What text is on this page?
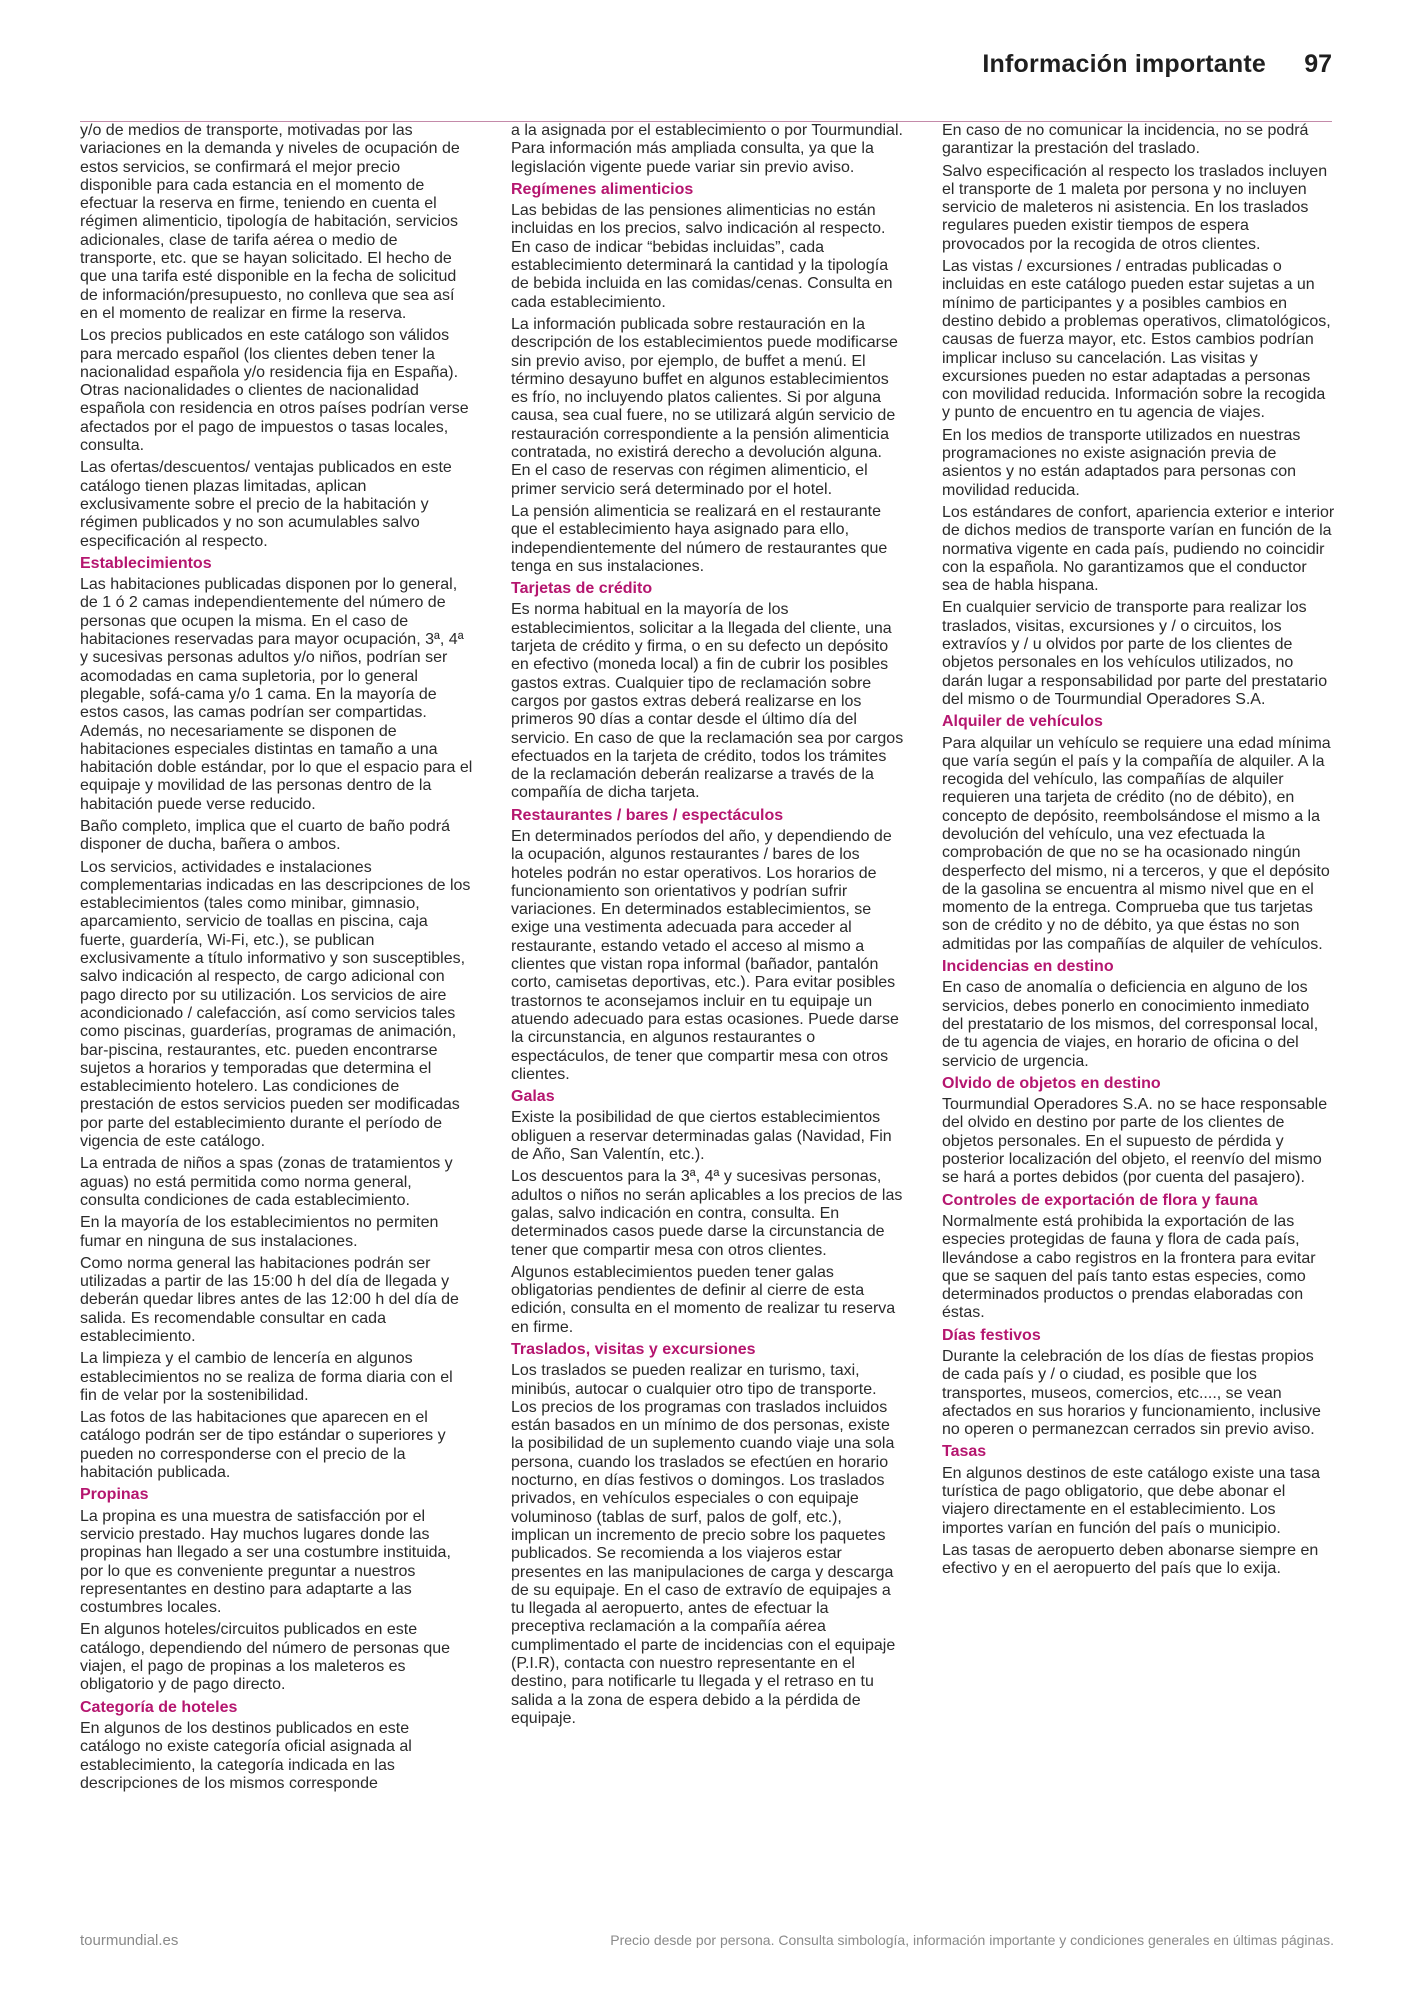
Información importante 97

y/o de medios de transporte, motivadas por las variaciones en la demanda y niveles de ocupación de estos servicios, se confirmará el mejor precio disponible para cada estancia en el momento de efectuar la reserva en firme, teniendo en cuenta el régimen alimenticio, tipología de habitación, servicios adicionales, clase de tarifa aérea o medio de transporte, etc. que se hayan solicitado. El hecho de que una tarifa esté disponible en la fecha de solicitud de información/presupuesto, no conlleva que sea así en el momento de realizar en firme la reserva.

Los precios publicados en este catálogo son válidos para mercado español (los clientes deben tener la nacionalidad española y/o residencia fija en España). Otras nacionalidades o clientes de nacionalidad española con residencia en otros países podrían verse afectados por el pago de impuestos o tasas locales, consulta.

Las ofertas/descuentos/ ventajas publicados en este catálogo tienen plazas limitadas, aplican exclusivamente sobre el precio de la habitación y régimen publicados y no son acumulables salvo especificación al respecto.

Establecimientos

Las habitaciones publicadas disponen por lo general, de 1 ó 2 camas independientemente del número de personas que ocupen la misma. En el caso de habitaciones reservadas para mayor ocupación, 3ª, 4ª y sucesivas personas adultos y/o niños, podrían ser acomodadas en cama supletoria, por lo general plegable, sofá-cama y/o 1 cama. En la mayoría de estos casos, las camas podrían ser compartidas. Además, no necesariamente se disponen de habitaciones especiales distintas en tamaño a una habitación doble estándar, por lo que el espacio para el equipaje y movilidad de las personas dentro de la habitación puede verse reducido.

Baño completo, implica que el cuarto de baño podrá disponer de ducha, bañera o ambos.

Los servicios, actividades e instalaciones complementarias indicadas en las descripciones de los establecimientos (tales como minibar, gimnasio, aparcamiento, servicio de toallas en piscina, caja fuerte, guardería, Wi-Fi, etc.), se publican exclusivamente a título informativo y son susceptibles, salvo indicación al respecto, de cargo adicional con pago directo por su utilización. Los servicios de aire acondicionado / calefacción, así como servicios tales como piscinas, guarderías, programas de animación, bar-piscina, restaurantes, etc. pueden encontrarse sujetos a horarios y temporadas que determina el establecimiento hotelero. Las condiciones de prestación de estos servicios pueden ser modificadas por parte del establecimiento durante el período de vigencia de este catálogo.

La entrada de niños a spas (zonas de tratamientos y aguas) no está permitida como norma general, consulta condiciones de cada establecimiento.

En la mayoría de los establecimientos no permiten fumar en ninguna de sus instalaciones.

Como norma general las habitaciones podrán ser utilizadas a partir de las 15:00 h del día de llegada y deberán quedar libres antes de las 12:00 h del día de salida. Es recomendable consultar en cada establecimiento.

La limpieza y el cambio de lencería en algunos establecimientos no se realiza de forma diaria con el fin de velar por la sostenibilidad.

Las fotos de las habitaciones que aparecen en el catálogo podrán ser de tipo estándar o superiores y pueden no corresponderse con el precio de la habitación publicada.

Propinas

La propina es una muestra de satisfacción por el servicio prestado. Hay muchos lugares donde las propinas han llegado a ser una costumbre instituida, por lo que es conveniente preguntar a nuestros representantes en destino para adaptarte a las costumbres locales.

En algunos hoteles/circuitos publicados en este catálogo, dependiendo del número de personas que viajen, el pago de propinas a los maleteros es obligatorio y de pago directo.

Categoría de hoteles

En algunos de los destinos publicados en este catálogo no existe categoría oficial asignada al establecimiento, la categoría indicada en las descripciones de los mismos corresponde

a la asignada por el establecimiento o por Tourmundial. Para información más ampliada consulta, ya que la legislación vigente puede variar sin previo aviso.

Regímenes alimenticios

Las bebidas de las pensiones alimenticias no están incluidas en los precios, salvo indicación al respecto. En caso de indicar “bebidas incluidas”, cada establecimiento determinará la cantidad y la tipología de bebida incluida en las comidas/cenas. Consulta en cada establecimiento.

La información publicada sobre restauración en la descripción de los establecimientos puede modificarse sin previo aviso, por ejemplo, de buffet a menú. El término desayuno buffet en algunos establecimientos es frío, no incluyendo platos calientes. Si por alguna causa, sea cual fuere, no se utilizará algún servicio de restauración correspondiente a la pensión alimenticia contratada, no existirá derecho a devolución alguna. En el caso de reservas con régimen alimenticio, el primer servicio será determinado por el hotel.

La pensión alimenticia se realizará en el restaurante que el establecimiento haya asignado para ello, independientemente del número de restaurantes que tenga en sus instalaciones.

Tarjetas de crédito

Es norma habitual en la mayoría de los establecimientos, solicitar a la llegada del cliente, una tarjeta de crédito y firma, o en su defecto un depósito en efectivo (moneda local) a fin de cubrir los posibles gastos extras. Cualquier tipo de reclamación sobre cargos por gastos extras deberá realizarse en los primeros 90 días a contar desde el último día del servicio. En caso de que la reclamación sea por cargos efectuados en la tarjeta de crédito, todos los trámites de la reclamación deberán realizarse a través de la compañía de dicha tarjeta.

Restaurantes / bares / espectáculos

En determinados períodos del año, y dependiendo de la ocupación, algunos restaurantes / bares de los hoteles podrán no estar operativos. Los horarios de funcionamiento son orientativos y podrían sufrir variaciones. En determinados establecimientos, se exige una vestimenta adecuada para acceder al restaurante, estando vetado el acceso al mismo a clientes que vistan ropa informal (bañador, pantalón corto, camisetas deportivas, etc.). Para evitar posibles trastornos te aconsejamos incluir en tu equipaje un atuendo adecuado para estas ocasiones. Puede darse la circunstancia, en algunos restaurantes o espectáculos, de tener que compartir mesa con otros clientes.

Galas

Existe la posibilidad de que ciertos establecimientos obliguen a reservar determinadas galas (Navidad, Fin de Año, San Valentín, etc.).

Los descuentos para la 3ª, 4ª y sucesivas personas, adultos o niños no serán aplicables a los precios de las galas, salvo indicación en contra, consulta. En determinados casos puede darse la circunstancia de tener que compartir mesa con otros clientes.

Algunos establecimientos pueden tener galas obligatorias pendientes de definir al cierre de esta edición, consulta en el momento de realizar tu reserva en firme.

Traslados, visitas y excursiones

Los traslados se pueden realizar en turismo, taxi, minibús, autocar o cualquier otro tipo de transporte. Los precios de los programas con traslados incluidos están basados en un mínimo de dos personas, existe la posibilidad de un suplemento cuando viaje una sola persona, cuando los traslados se efectúen en horario nocturno, en días festivos o domingos. Los traslados privados, en vehículos especiales o con equipaje voluminoso (tablas de surf, palos de golf, etc.), implican un incremento de precio sobre los paquetes publicados. Se recomienda a los viajeros estar presentes en las manipulaciones de carga y descarga de su equipaje. En el caso de extravío de equipajes a tu llegada al aeropuerto, antes de efectuar la preceptiva reclamación a la compañía aérea cumplimentado el parte de incidencias con el equipaje (P.I.R), contacta con nuestro representante en el destino, para notificarle tu llegada y el retraso en tu salida a la zona de espera debido a la pérdida de equipaje.

En caso de no comunicar la incidencia, no se podrá garantizar la prestación del traslado.

Salvo especificación al respecto los traslados incluyen el transporte de 1 maleta por persona y no incluyen servicio de maleteros ni asistencia. En los traslados regulares pueden existir tiempos de espera provocados por la recogida de otros clientes.

Las vistas / excursiones / entradas publicadas o incluidas en este catálogo pueden estar sujetas a un mínimo de participantes y a posibles cambios en destino debido a problemas operativos, climatológicos, causas de fuerza mayor, etc. Estos cambios podrían implicar incluso su cancelación. Las visitas y excursiones pueden no estar adaptadas a personas con movilidad reducida. Información sobre la recogida y punto de encuentro en tu agencia de viajes.

En los medios de transporte utilizados en nuestras programaciones no existe asignación previa de asientos y no están adaptados para personas con movilidad reducida.

Los estándares de confort, apariencia exterior e interior de dichos medios de transporte varían en función de la normativa vigente en cada país, pudiendo no coincidir con la española. No garantizamos que el conductor sea de habla hispana.

En cualquier servicio de transporte para realizar los traslados, visitas, excursiones y / o circuitos, los extravíos y / u olvidos por parte de los clientes de objetos personales en los vehículos utilizados, no darán lugar a responsabilidad por parte del prestatario del mismo o de Tourmundial Operadores S.A.

Alquiler de vehículos

Para alquilar un vehículo se requiere una edad mínima que varía según el país y la compañía de alquiler. A la recogida del vehículo, las compañías de alquiler requieren una tarjeta de crédito (no de débito), en concepto de depósito, reembolsándose el mismo a la devolución del vehículo, una vez efectuada la comprobación de que no se ha ocasionado ningún desperfecto del mismo, ni a terceros, y que el depósito de la gasolina se encuentra al mismo nivel que en el momento de la entrega. Comprueba que tus tarjetas son de crédito y no de débito, ya que éstas no son admitidas por las compañías de alquiler de vehículos.

Incidencias en destino

En caso de anomalía o deficiencia en alguno de los servicios, debes ponerlo en conocimiento inmediato del prestatario de los mismos, del corresponsal local, de tu agencia de viajes, en horario de oficina o del servicio de urgencia.

Olvido de objetos en destino

Tourmundial Operadores S.A. no se hace responsable del olvido en destino por parte de los clientes de objetos personales. En el supuesto de pérdida y posterior localización del objeto, el reenvío del mismo se hará a portes debidos (por cuenta del pasajero).

Controles de exportación de flora y fauna

Normalmente está prohibida la exportación de las especies protegidas de fauna y flora de cada país, llevándose a cabo registros en la frontera para evitar que se saquen del país tanto estas especies, como determinados productos o prendas elaboradas con éstas.

Días festivos

Durante la celebración de los días de fiestas propios de cada país y / o ciudad, es posible que los transportes, museos, comercios, etc...., se vean afectados en sus horarios y funcionamiento, inclusive no operen o permanezcan cerrados sin previo aviso.

Tasas

En algunos destinos de este catálogo existe una tasa turística de pago obligatorio, que debe abonar el viajero directamente en el establecimiento. Los importes varían en función del país o municipio.

Las tasas de aeropuerto deben abonarse siempre en efectivo y en el aeropuerto del país que lo exija.

tourmundial.es	Precio desde por persona. Consulta simbología, información importante y condiciones generales en últimas páginas.
